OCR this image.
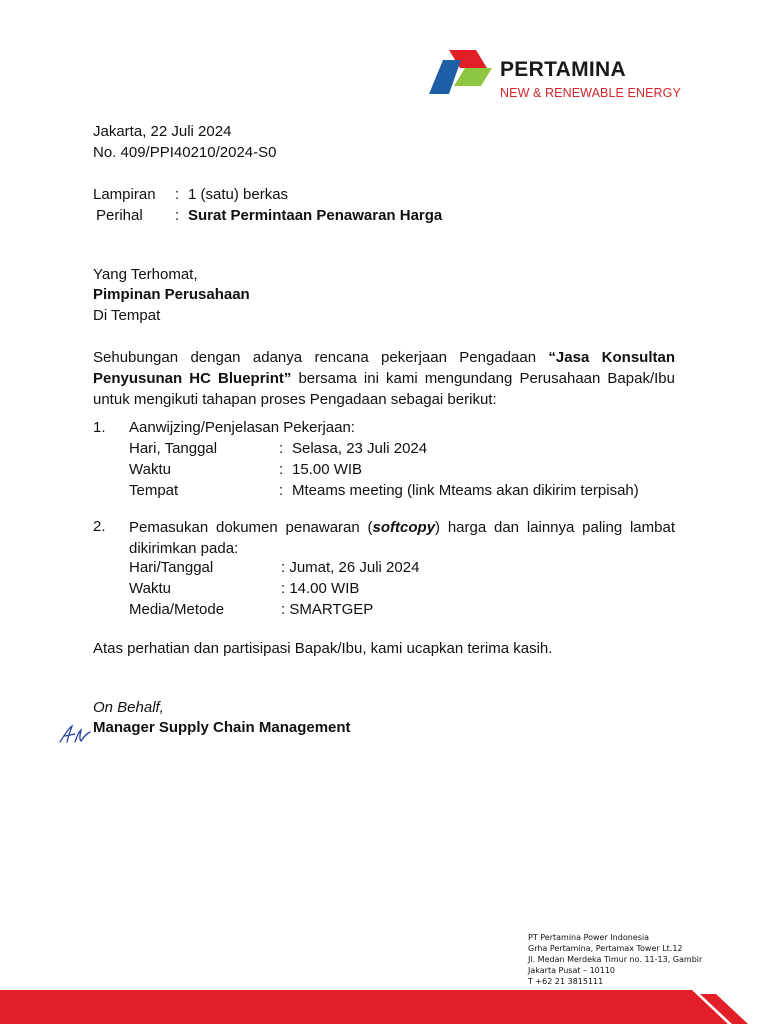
PERTAMINA
NEW & RENEWABLE ENERGY
Jakarta, 22 Juli 2024
No. 409/PPI40210/2024-S0
Lampiran : 1 (satu) berkas
Perihal : Surat Permintaan Penawaran Harga
Yang Terhomat,
Pimpinan Perusahaan
Di Tempat
Sehubungan dengan adanya rencana pekerjaan Pengadaan “Jasa Konsultan Penyusunan HC Blueprint” bersama ini kami mengundang Perusahaan Bapak/Ibu untuk mengikuti tahapan proses Pengadaan sebagai berikut:
1. Aanwijzing/Penjelasan Pekerjaan:
Hari, Tanggal	: Selasa, 23 Juli 2024
Waktu	: 15.00 WIB
Tempat	: Mteams meeting (link Mteams akan dikirim terpisah)
2. Pemasukan dokumen penawaran (softcopy) harga dan lainnya paling lambat dikirimkan pada:
Hari/Tanggal	: Jumat, 26 Juli 2024
Waktu	: 14.00 WIB
Media/Metode	: SMARTGEP
Atas perhatian dan partisipasi Bapak/Ibu, kami ucapkan terima kasih.
On Behalf,
Manager Supply Chain Management
PT Pertamina Power Indonesia
Grha Pertamina, Pertamax Tower Lt.12
Jl. Medan Merdeka Timur no. 11-13, Gambir
Jakarta Pusat – 10110
T +62 21 3815111
